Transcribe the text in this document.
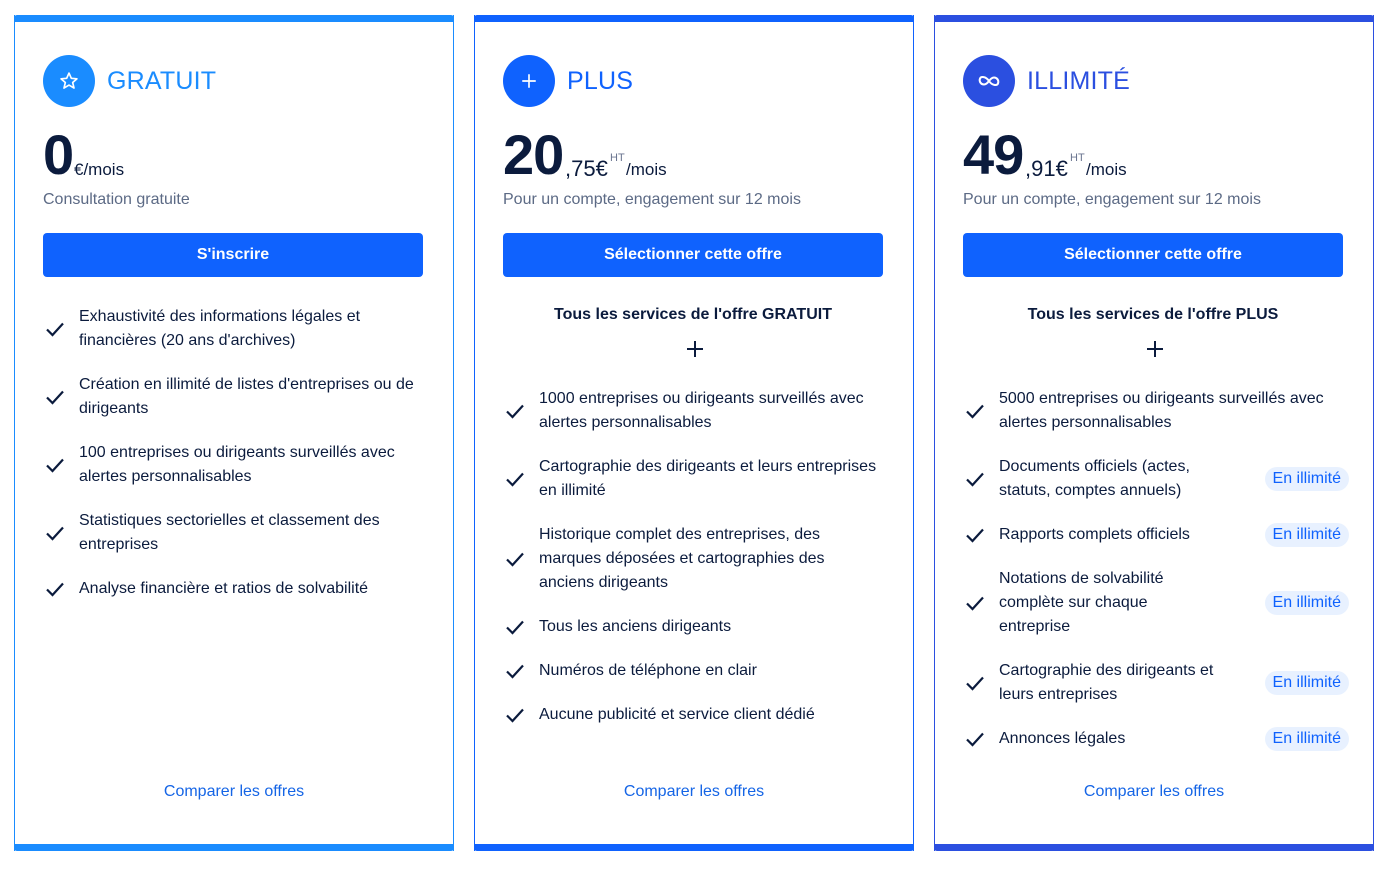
GRATUIT
0 €/mois
Consultation gratuite
S'inscrire
Exhaustivité des informations légales et
financières (20 ans d'archives)
Création en illimité de listes d'entreprises ou de
dirigeants
100 entreprises ou dirigeants surveillés avec
alertes personnalisables
Statistiques sectorielles et classement des
entreprises
Analyse financière et ratios de solvabilité
Comparer les offres
PLUS
20 ,75€ HT
/mois
Pour un compte, engagement sur 12 mois
Sélectionner cette offre
Tous les services de l'offre GRATUIT
1000 entreprises ou dirigeants surveillés avec
alertes personnalisables
Cartographie des dirigeants et leurs entreprises
en illimité
Historique complet des entreprises, des
marques déposées et cartographies des
anciens dirigeants
Tous les anciens dirigeants
Numéros de téléphone en clair
Aucune publicité et service client dédié
Comparer les offres
ILLIMITÉ
49 ,91€ HT
/mois
Pour un compte, engagement sur 12 mois
Sélectionner cette offre
Tous les services de l'offre PLUS
5000 entreprises ou dirigeants surveillés avec
alertes personnalisables
Documents officiels (actes,
statuts, comptes annuels)
En illimité
Rapports complets officiels	En illimité
Notations de solvabilité
complète sur chaque
entreprise
En illimité
Cartographie des dirigeants et
leurs entreprises
En illimité
Annonces légales	En illimité
Comparer les offres
